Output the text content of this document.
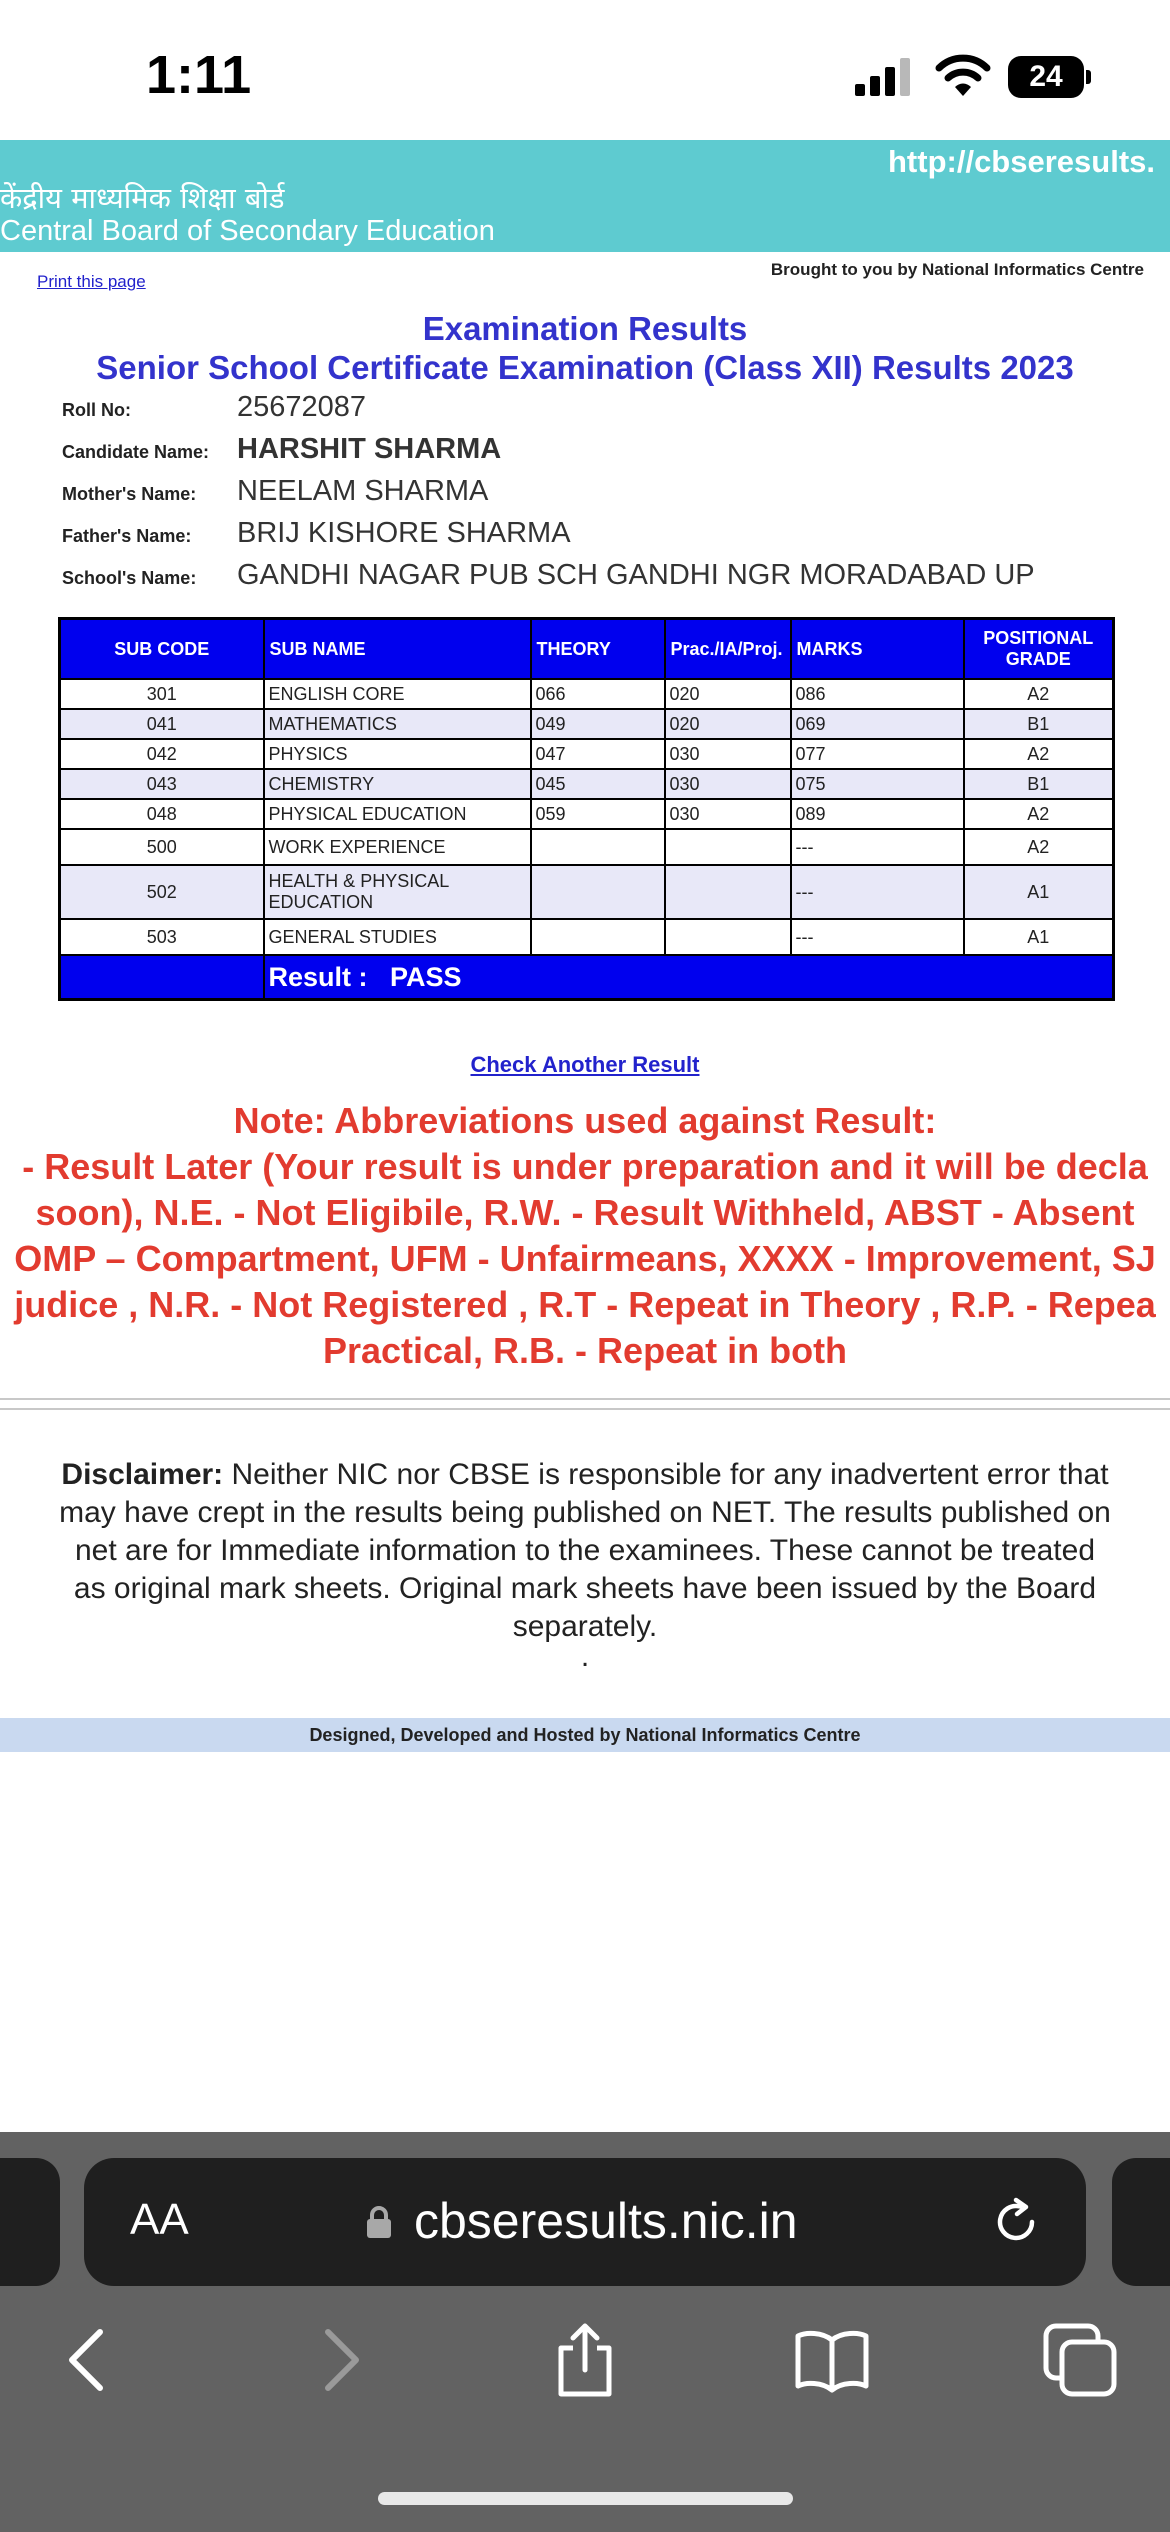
1:11	24
http://cbseresults.
केंद्रीय माध्यमिक शिक्षा बोर्ड
Central Board of Secondary Education
Print this page
Brought to you by National Informatics Centre
Examination Results
Senior School Certificate Examination (Class XII) Results 2023
Roll No:	25672087
Candidate Name: HARSHIT SHARMA
Mother's Name: NEELAM SHARMA
Father's Name: BRIJ KISHORE SHARMA
School's Name: GANDHI NAGAR PUB SCH GANDHI NGR MORADABAD UP
SUB CODE	SUB NAME	THEORY	Prac./IA/Proj.	MARKS	POSITIONAL GRADE
301	ENGLISH CORE	066	020	086	A2
041	MATHEMATICS	049	020	069	B1
042	PHYSICS	047	030	077	A2
043	CHEMISTRY	045	030	075	B1
048	PHYSICAL EDUCATION	059	030	089	A2
500	WORK EXPERIENCE			---	A2
502	HEALTH & PHYSICAL EDUCATION			---	A1
503	GENERAL STUDIES			---	A1
	Result : PASS				
Check Another Result
Note: Abbreviations used against Result:
- Result Later (Your result is under preparation and it will be decla
soon), N.E. - Not Eligibile, R.W. - Result Withheld, ABST - Absent
OMP – Compartment, UFM - Unfairmeans, XXXX - Improvement, SJ
judice , N.R. - Not Registered , R.T - Repeat in Theory , R.P. - Repea
Practical, R.B. - Repeat in both
Disclaimer: Neither NIC nor CBSE is responsible for any inadvertent error that may have crept in the results being published on NET. The results published on net are for Immediate information to the examinees. These cannot be treated as original mark sheets. Original mark sheets have been issued by the Board separately.
.
Designed, Developed and Hosted by National Informatics Centre
AA	cbseresults.nic.in
